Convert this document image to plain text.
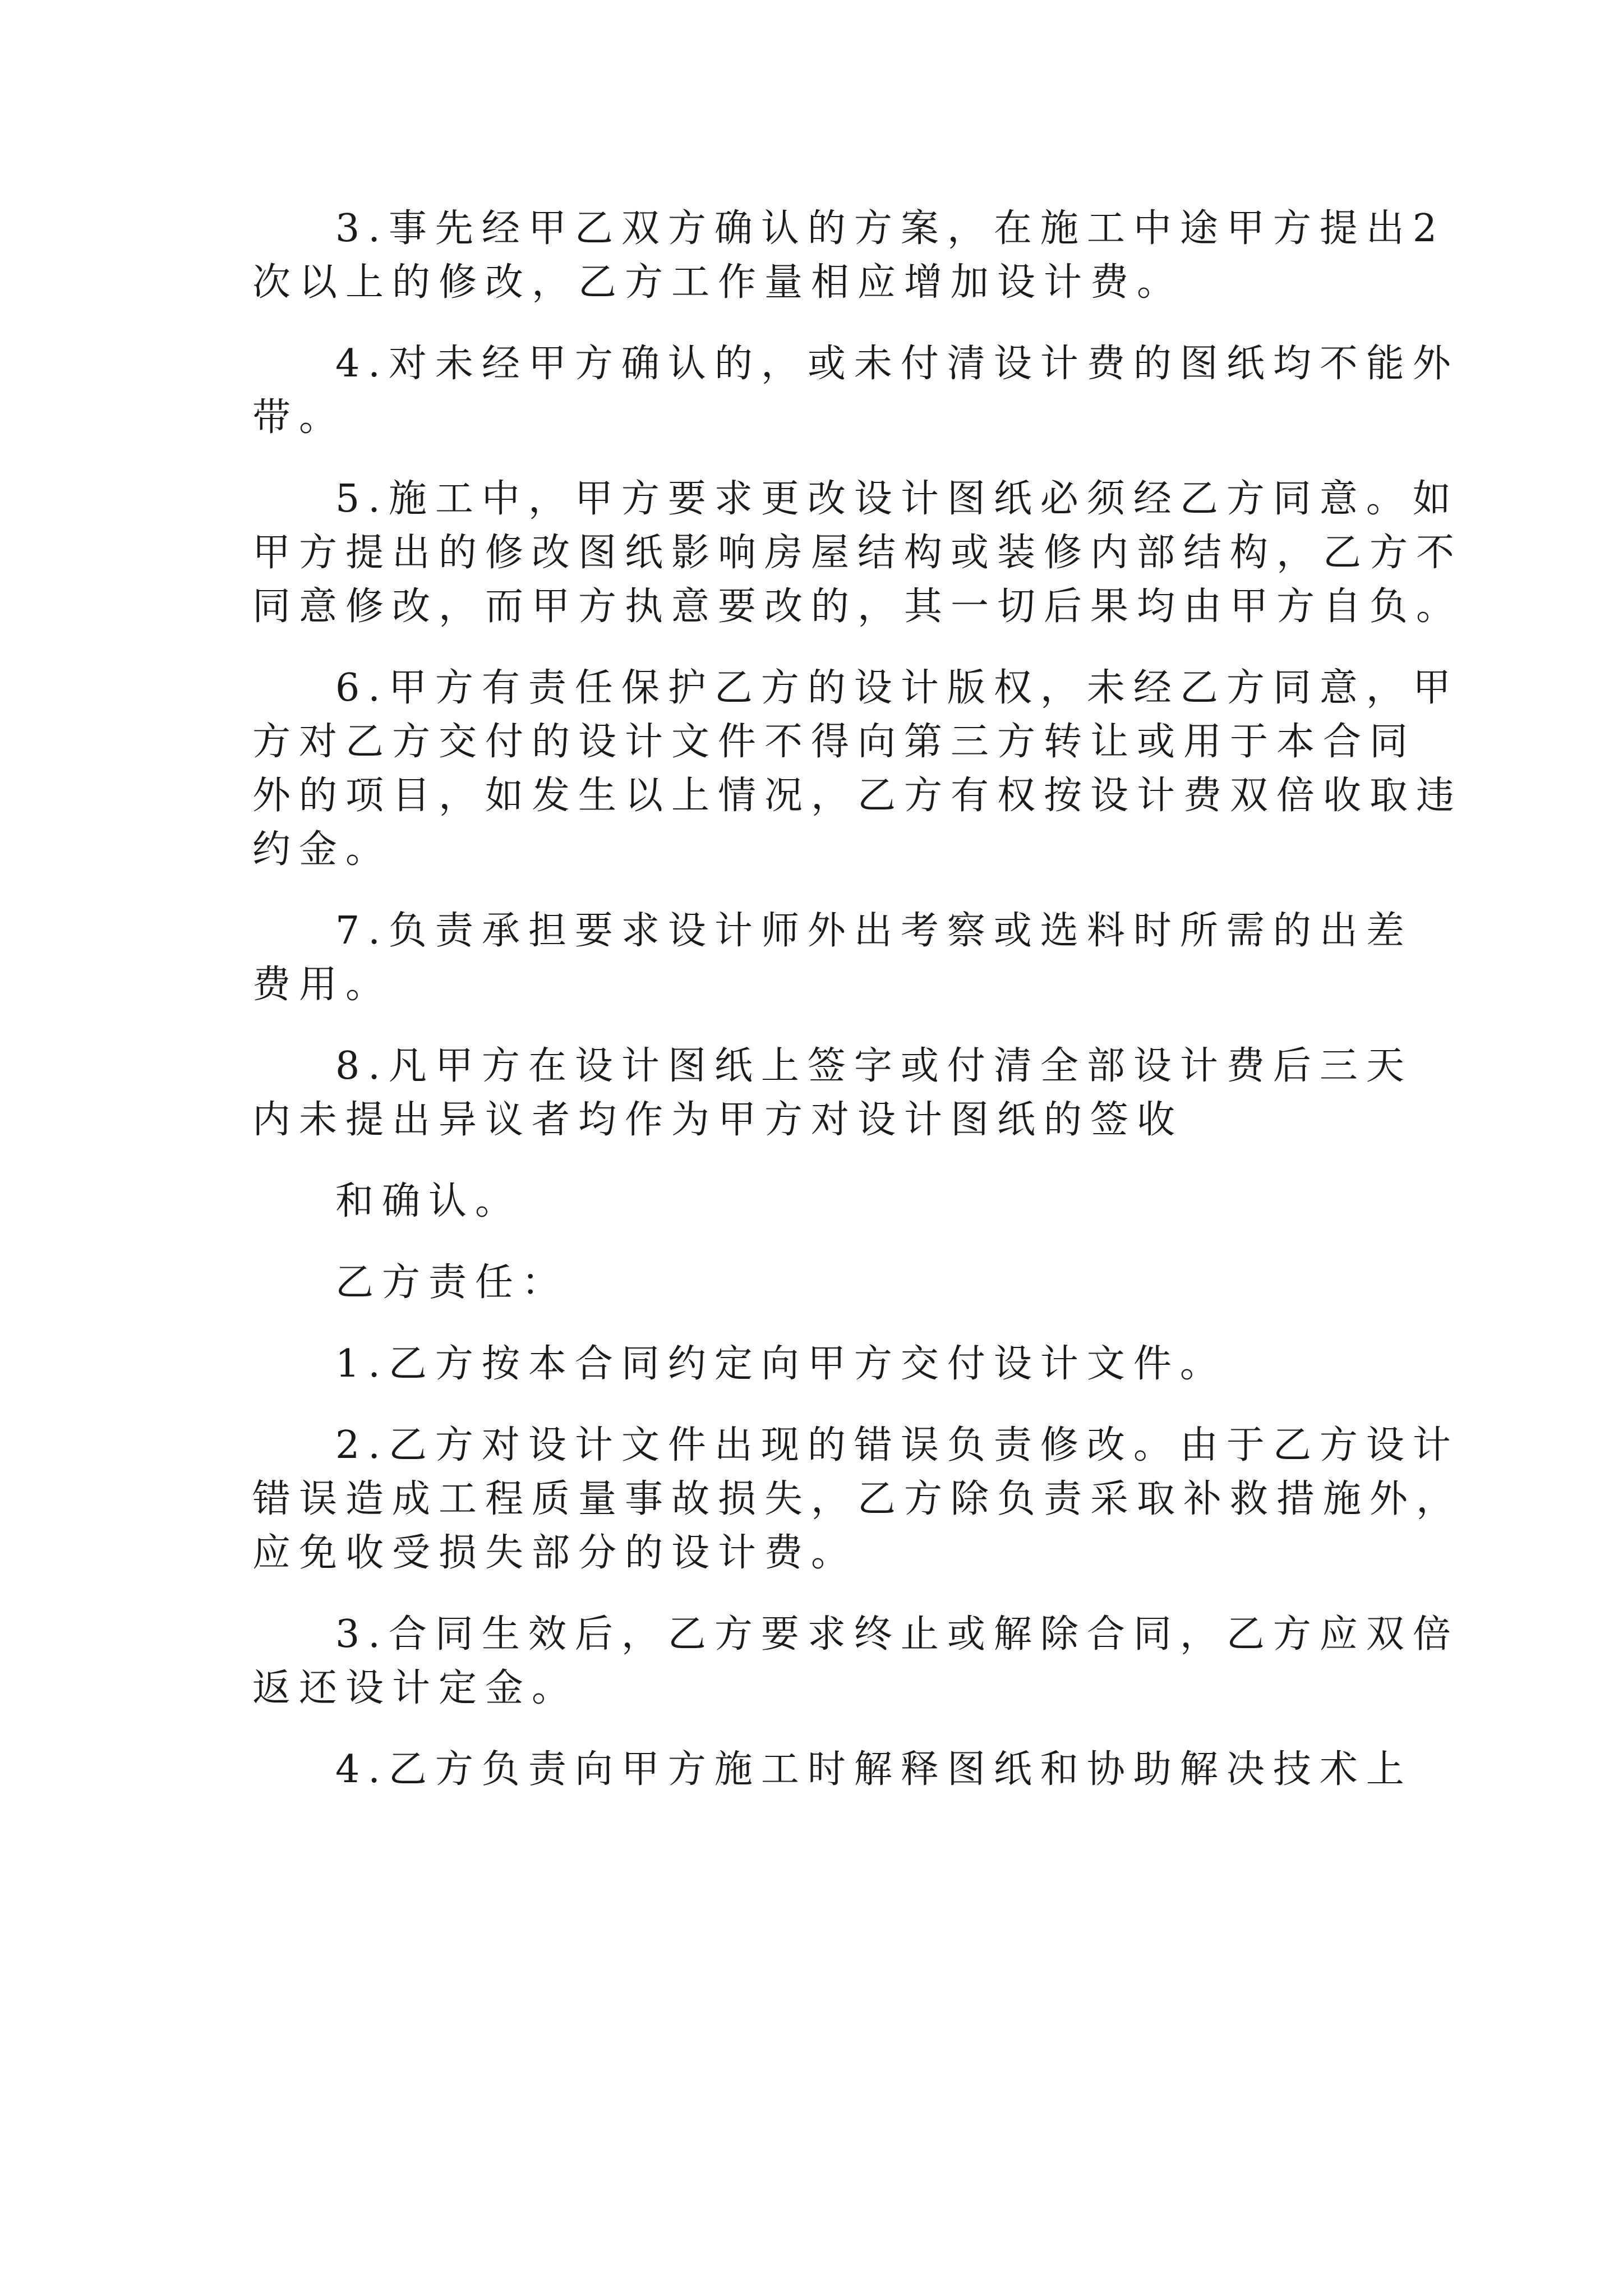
3.事先经甲乙双方确认的方案，在施工中途甲方提出2
次以上的修改，乙方工作量相应增加设计费。
4.对未经甲方确认的，或未付清设计费的图纸均不能外
带。
5.施工中，甲方要求更改设计图纸必须经乙方同意。如
甲方提出的修改图纸影响房屋结构或装修内部结构，乙方不
同意修改，而甲方执意要改的，其一切后果均由甲方自负。
6.甲方有责任保护乙方的设计版权，未经乙方同意，甲
方对乙方交付的设计文件不得向第三方转让或用于本合同
外的项目，如发生以上情况，乙方有权按设计费双倍收取违
约金。
7.负责承担要求设计师外出考察或选料时所需的出差
费用。
8.凡甲方在设计图纸上签字或付清全部设计费后三天
内未提出异议者均作为甲方对设计图纸的签收
和确认。
乙方责任：
1.乙方按本合同约定向甲方交付设计文件。
2.乙方对设计文件出现的错误负责修改。由于乙方设计
错误造成工程质量事故损失，乙方除负责采取补救措施外，
应免收受损失部分的设计费。
3.合同生效后，乙方要求终止或解除合同，乙方应双倍
返还设计定金。
4.乙方负责向甲方施工时解释图纸和协助解决技术上
